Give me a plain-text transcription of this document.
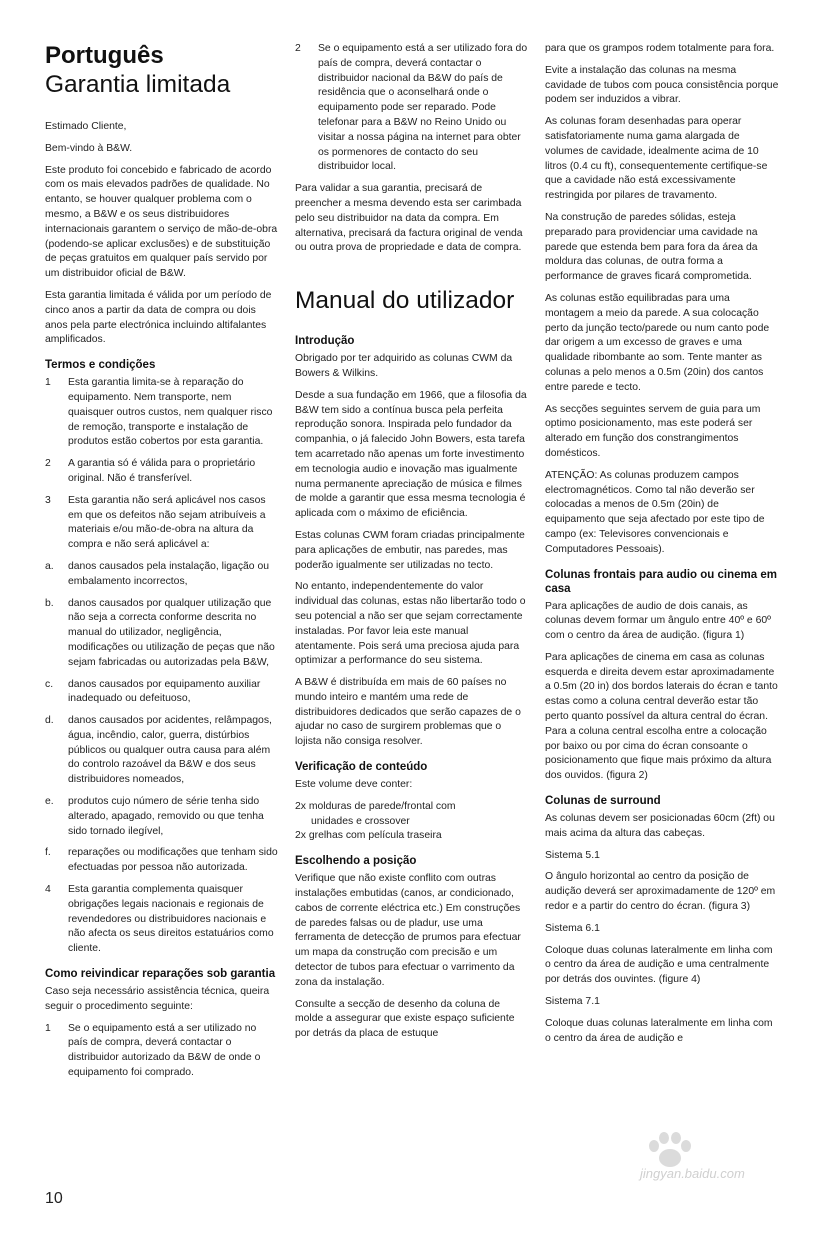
Português
Garantia limitada

Estimado Cliente,

Bem-vindo à B&W.

Este produto foi concebido e fabricado de acordo com os mais elevados padrões de qualidade. No entanto, se houver qualquer problema com o mesmo, a B&W e os seus distribuidores internacionais garantem o serviço de mão-de-obra (podendo-se aplicar exclusões) e de substituição de peças gratuitos em qualquer país servido por um distribuidor oficial de B&W.

Esta garantia limitada é válida por um período de cinco anos a partir da data de compra ou dois anos pela parte electrónica incluindo altifalantes amplificados.

Termos e condições
1	Esta garantia limita-se à reparação do equipamento. Nem transporte, nem quaisquer outros custos, nem qualquer risco de remoção, transporte e instalação de produtos estão cobertos por esta garantia.
2	A garantia só é válida para o proprietário original. Não é transferível.
3	Esta garantia não será aplicável nos casos em que os defeitos não sejam atribuíveis a materiais e/ou mão-de-obra na altura da compra e não será aplicável a:
a.	danos causados pela instalação, ligação ou embalamento incorrectos,
b.	danos causados por qualquer utilização que não seja a correcta conforme descrita no manual do utilizador, negligência, modificações ou utilização de peças que não sejam fabricadas ou autorizadas pela B&W,
c.	danos causados por equipamento auxiliar inadequado ou defeituoso,
d.	danos causados por acidentes, relâmpagos, água, incêndio, calor, guerra, distúrbios públicos ou qualquer outra causa para além do controlo razoável da B&W e dos seus distribuidores nomeados,
e.	produtos cujo número de série tenha sido alterado, apagado, removido ou que tenha sido tornado ilegível,
f.	reparações ou modificações que tenham sido efectuadas por pessoa não autorizada.
4	Esta garantia complementa quaisquer obrigações legais nacionais e regionais de revendedores ou distribuidores nacionais e não afecta os seus direitos estatuários como cliente.
Como reivindicar reparações sob garantia

Caso seja necessário assistência técnica, queira seguir o procedimento seguinte:

1	Se o equipamento está a ser utilizado no país de compra, deverá contactar o distribuidor autorizado da B&W de onde o equipamento foi comprado.
2	Se o equipamento está a ser utilizado fora do país de compra, deverá contactar o distribuidor nacional da B&W do país de residência que o aconselhará onde o equipamento pode ser reparado. Pode telefonar para a B&W no Reino Unido ou visitar a nossa página na internet para obter os pormenores de contacto do seu distribuidor local.

Para validar a sua garantia, precisará de preencher a mesma devendo esta ser carimbada pelo seu distribuidor na data da compra. Em alternativa, precisará da factura original de venda ou outra prova de propriedade e data de compra.

Manual do utilizador
Introdução

Obrigado por ter adquirido as colunas CWM da Bowers & Wilkins.

Desde a sua fundação em 1966, que a filosofia da B&W tem sido a contínua busca pela perfeita reprodução sonora. Inspirada pelo fundador da companhia, o já falecido John Bowers, esta tarefa tem acarretado não apenas um forte investimento em tecnologia audio e inovação mas igualmente numa permanente apreciação de música e filmes de molde a garantir que essa mesma tecnologia é aplicada com o máximo de eficiência.

Estas colunas CWM foram criadas principalmente para aplicações de embutir, nas paredes, mas poderão igualmente ser utilizadas no tecto.

No entanto, independentemente do valor individual das colunas, estas não libertarão todo o seu potencial a não ser que sejam correctamente instaladas. Por favor leia este manual atentamente. Pois será uma preciosa ajuda para optimizar a performance do seu sistema.

A B&W é distribuída em mais de 60 países no mundo inteiro e mantém uma rede de distribuidores dedicados que serão capazes de o ajudar no caso de surgirem problemas que o lojista não consiga resolver.

Verificação de conteúdo

Este volume deve conter:

2x molduras de parede/frontal com

unidades e crossover

2x grelhas com película traseira

Escolhendo a posição

Verifique que não existe conflito com outras instalações embutidas (canos, ar condicionado, cabos de corrente eléctrica etc.) Em construções de paredes falsas ou de pladur, use uma ferramenta de detecção de prumos para efectuar um mapa da construção com precisão e um detector de tubos para efectuar o varrimento da zona da instalação.

Consulte a secção de desenho da coluna de molde a assegurar que existe espaço suficiente por detrás da placa de estuque

para que os grampos rodem totalmente para fora.

Evite a instalação das colunas na mesma cavidade de tubos com pouca consistência porque podem ser induzidos a vibrar.

As colunas foram desenhadas para operar satisfatoriamente numa gama alargada de volumes de cavidade, idealmente acima de 10 litros (0.4 cu ft), consequentemente certifique-se que a cavidade não está excessivamente restringida por pilares de travamento.

Na construção de paredes sólidas, esteja preparado para providenciar uma cavidade na parede que estenda bem para fora da área da moldura das colunas, de outra forma a performance de graves ficará comprometida.

As colunas estão equilibradas para uma montagem a meio da parede. A sua colocação perto da junção tecto/parede ou num canto pode dar origem a um excesso de graves e uma qualidade ribombante ao som. Tente manter as colunas a pelo menos a 0.5m (20in) dos cantos entre parede e tecto.

As secções seguintes servem de guia para um optimo posicionamento, mas este poderá ser alterado em função dos constrangimentos domésticos.

ATENÇÃO: As colunas produzem campos electromagnéticos. Como tal não deverão ser colocadas a menos de 0.5m (20in) de equipamento que seja afectado por este tipo de campo (ex: Televisores convencionais e Computadores Pessoais).

Colunas frontais para audio ou cinema em casa

Para aplicações de audio de dois canais, as colunas devem formar um ângulo entre 40º e 60º com o centro da área de audição. (figura 1)

Para aplicações de cinema em casa as colunas esquerda e direita devem estar aproximadamente a 0.5m (20 in) dos bordos laterais do écran e tanto estas como a coluna central deverão estar tão perto quanto possível da altura central do écran. Para a coluna central escolha entre a colocação por baixo ou por cima do écran consoante o posicionamento que fique mais próximo da altura dos ouvidos. (figura 2)

Colunas de surround

As colunas devem ser posicionadas 60cm (2ft) ou mais acima da altura das cabeças.

Sistema 5.1

O ângulo horizontal ao centro da posição de audição deverá ser aproximadamente de 120º em redor e a partir do centro do écran. (figura 3)

Sistema 6.1

Coloque duas colunas lateralmente em linha com o centro da área de audição e uma centralmente por detrás dos ouvintes. (figure 4)

Sistema 7.1

Coloque duas colunas lateralmente em linha com o centro da área de audição e

10
jingyan.baidu.com
